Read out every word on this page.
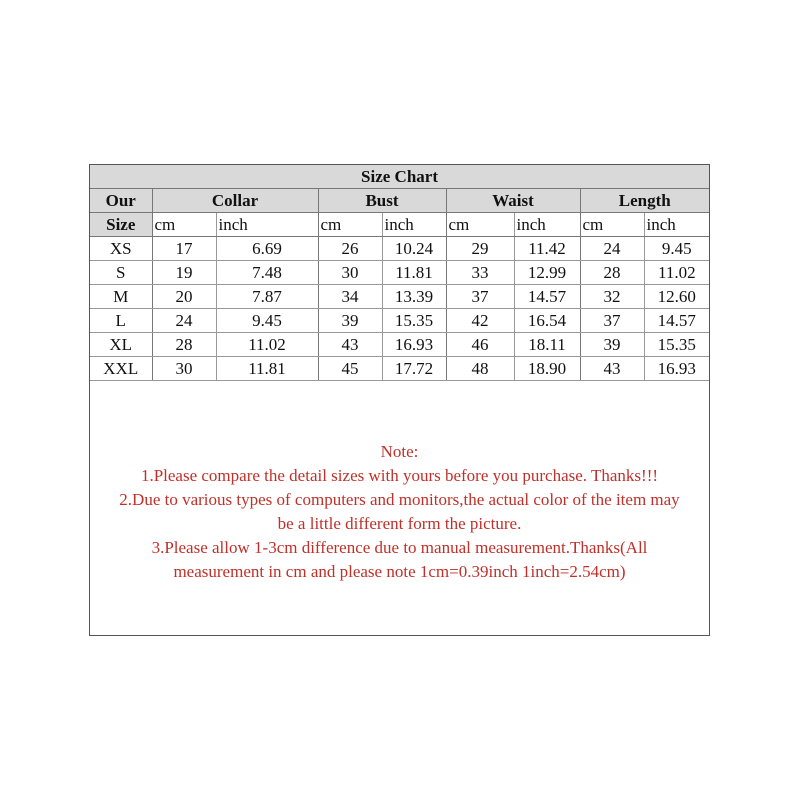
Size Chart								
Our	Collar		Bust		Waist		Length	
Size	cm	inch	cm	inch	cm	inch	cm	inch
XS	17	6.69	26	10.24	29	11.42	24	9.45
S	19	7.48	30	11.81	33	12.99	28	11.02
M	20	7.87	34	13.39	37	14.57	32	12.60
L	24	9.45	39	15.35	42	16.54	37	14.57
XL	28	11.02	43	16.93	46	18.11	39	15.35
XXL	30	11.81	45	17.72	48	18.90	43	16.93
Note:
1.Please compare the detail sizes with yours before you purchase. Thanks!!!
2.Due to various types of computers and monitors,the actual color of the item may
be a little different form the picture.
3.Please allow 1-3cm difference due to manual measurement.Thanks(All
measurement in cm and please note 1cm=0.39inch 1inch=2.54cm)
